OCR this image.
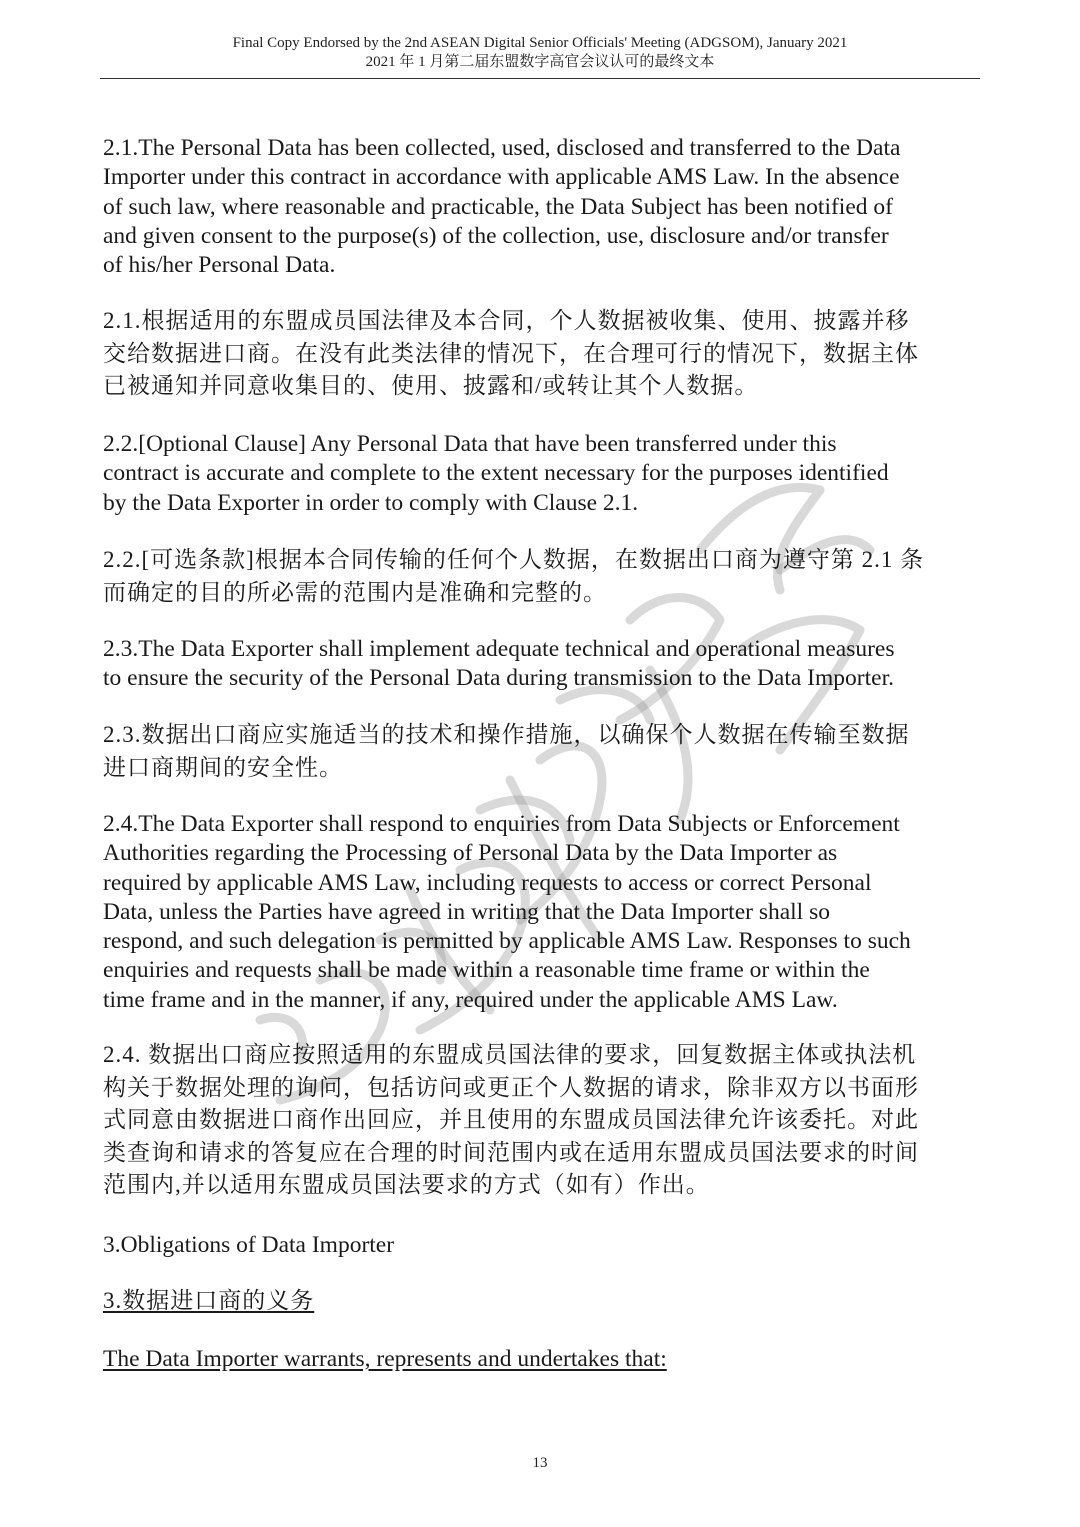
Final Copy Endorsed by the 2nd ASEAN Digital Senior Officials' Meeting (ADGSOM), January 2021
2021 年 1 月第二届东盟数字高官会议认可的最终文本
2.1.The Personal Data has been collected, used, disclosed and transferred to the Data
Importer under this contract in accordance with applicable AMS Law. In the absence
of such law, where reasonable and practicable, the Data Subject has been notified of
and given consent to the purpose(s) of the collection, use, disclosure and/or transfer
of his/her Personal Data.
2.1.根据适用的东盟成员国法律及本合同，个人数据被收集、使用、披露并移
交给数据进口商。在没有此类法律的情况下，在合理可行的情况下，数据主体
已被通知并同意收集目的、使用、披露和/或转让其个人数据。
2.2.[Optional Clause] Any Personal Data that have been transferred under this
contract is accurate and complete to the extent necessary for the purposes identified
by the Data Exporter in order to comply with Clause 2.1.
2.2.[可选条款]根据本合同传输的任何个人数据，在数据出口商为遵守第 2.1 条
而确定的目的所必需的范围内是准确和完整的。
2.3.The Data Exporter shall implement adequate technical and operational measures
to ensure the security of the Personal Data during transmission to the Data Importer.
2.3.数据出口商应实施适当的技术和操作措施，以确保个人数据在传输至数据
进口商期间的安全性。
2.4.The Data Exporter shall respond to enquiries from Data Subjects or Enforcement
Authorities regarding the Processing of Personal Data by the Data Importer as
required by applicable AMS Law, including requests to access or correct Personal
Data, unless the Parties have agreed in writing that the Data Importer shall so
respond, and such delegation is permitted by applicable AMS Law. Responses to such
enquiries and requests shall be made within a reasonable time frame or within the
time frame and in the manner, if any, required under the applicable AMS Law.
2.4. 数据出口商应按照适用的东盟成员国法律的要求，回复数据主体或执法机
构关于数据处理的询问，包括访问或更正个人数据的请求，除非双方以书面形
式同意由数据进口商作出回应，并且使用的东盟成员国法律允许该委托。对此
类查询和请求的答复应在合理的时间范围内或在适用东盟成员国法要求的时间
范围内,并以适用东盟成员国法要求的方式（如有）作出。
3.Obligations of Data Importer
3.数据进口商的义务
The Data Importer warrants, represents and undertakes that:
13
